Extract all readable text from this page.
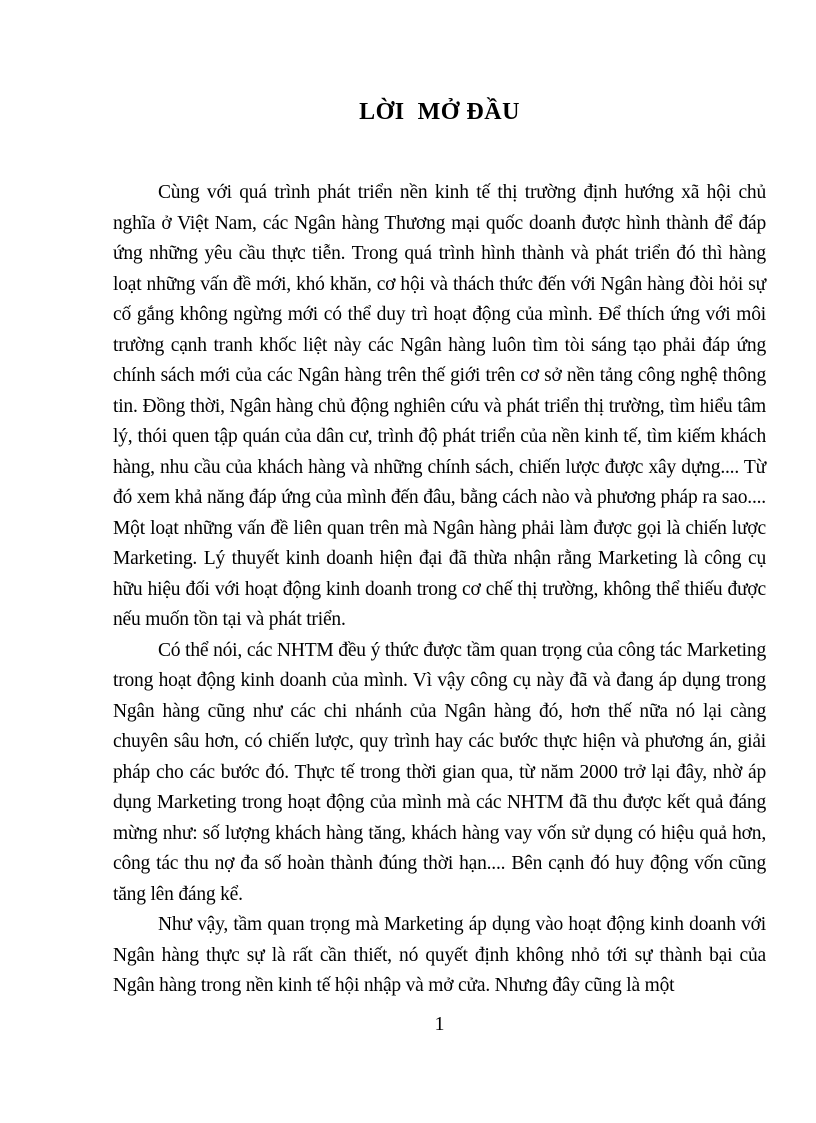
LỜI  MỞ ĐẦU

Cùng với quá trình phát triển nền kinh tế thị trường định hướng xã hội chủ nghĩa ở Việt Nam, các Ngân hàng Thương mại quốc doanh được hình thành để đáp ứng những yêu cầu thực tiễn. Trong quá trình hình thành và phát triển đó thì hàng loạt những vấn đề mới, khó khăn, cơ hội và thách thức đến với Ngân hàng đòi hỏi sự cố gắng không ngừng mới có thể duy trì hoạt động của mình. Để thích ứng với môi trường cạnh tranh khốc liệt này các Ngân hàng luôn tìm tòi sáng tạo phải đáp ứng chính sách mới của các Ngân hàng trên thế giới trên cơ sở nền tảng công nghệ thông tin. Đồng thời, Ngân hàng chủ động nghiên cứu và phát triển thị trường, tìm hiểu tâm lý, thói quen tập quán của dân cư, trình độ phát triển của nền kinh tế, tìm kiếm khách hàng, nhu cầu của khách hàng và những chính sách, chiến lược được xây dựng.... Từ đó xem khả năng đáp ứng của mình đến đâu, bằng cách nào và phương pháp ra sao.... Một loạt những vấn đề liên quan trên mà Ngân hàng phải làm được gọi là chiến lược Marketing. Lý thuyết kinh doanh hiện đại đã thừa nhận rằng Marketing là công cụ hữu hiệu đối với hoạt động kinh doanh trong cơ chế thị trường, không thể thiếu được nếu muốn tồn tại và phát triển.

Có thể nói, các NHTM đều ý thức được tầm quan trọng của công tác Marketing trong hoạt động kinh doanh của mình. Vì vậy công cụ này đã và đang áp dụng trong Ngân hàng cũng như các chi nhánh của Ngân hàng đó, hơn thế nữa nó lại càng chuyên sâu hơn, có chiến lược, quy trình hay các bước thực hiện và phương án, giải pháp cho các bước đó. Thực tế trong thời gian qua, từ năm 2000 trở lại đây, nhờ áp dụng Marketing trong hoạt động của mình mà các NHTM đã thu được kết quả đáng mừng như: số lượng khách hàng tăng, khách hàng vay vốn sử dụng có hiệu quả hơn, công tác thu nợ đa số hoàn thành đúng thời hạn.... Bên cạnh đó huy động vốn cũng tăng lên đáng kể.

Như vậy, tầm quan trọng mà Marketing áp dụng vào hoạt động kinh doanh với Ngân hàng thực sự là rất cần thiết, nó quyết định không nhỏ tới sự thành bại của Ngân hàng trong nền kinh tế hội nhập và mở cửa. Nhưng đây cũng là một

1
